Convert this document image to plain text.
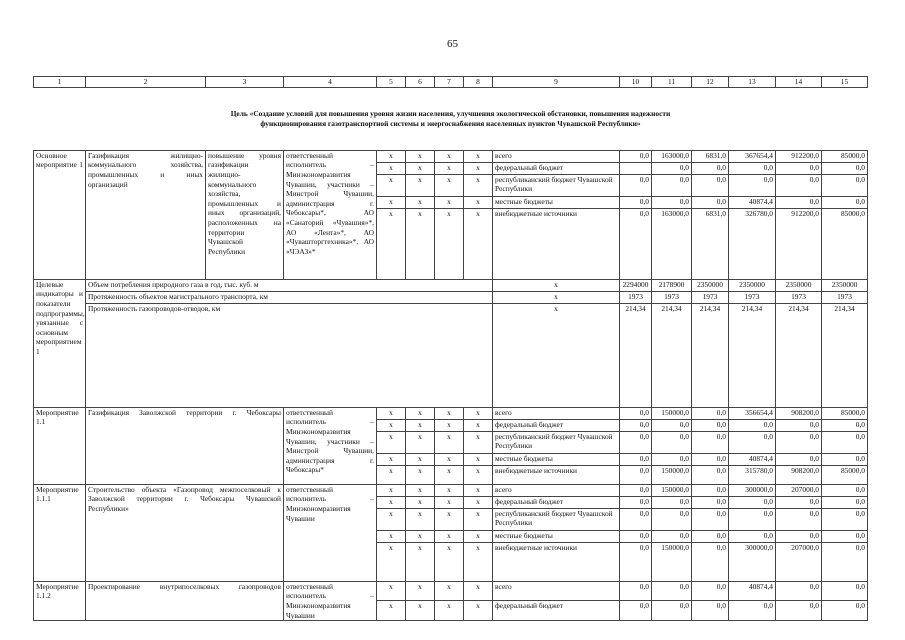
65
1	2	3	4	5	6	7	8	9	10	11	12	13	14	15

Цель «Создание условий для повышения уровня жизни населения, улучшения экологической обстановки, повышения надежности
функционирования газотранспортной системы и энергоснабжения населенных пунктов Чувашской Республики»														

Основное мероприятие 1	Газификация жилищно-коммунального хозяйства, промышленных и иных организаций	повышение уровня газификации жилищно-коммунального хозяйства, промышленных и иных организаций, расположенных на территории Чувашской Республики	ответственный исполнитель – Минэкономразвития Чувашии, участники – Минстрой Чувашии, администрация г. Чебоксары*, АО «Санаторий «Чувашия»*, АО «Лента»*, АО «Чувашторгтехника»*, АО «ЧЭАЗ»*	x	x	x	x	всего	0,0	163000,0	6831,0	367654,4	912200,0	85000,0
				x	x	x	x	федеральный бюджет		0,0	0,0	0,0	0,0	0,0
				x	x	x	x	республиканский бюджет Чувашской Республики	0,0	0,0	0,0	0,0	0,0	0,0
				x	x	x	x	местные бюджеты	0,0	0,0	0,0	40874,4	0,0	0,0
				x	x	x	x	внебюджетные источники	0,0	163000,0	6831,0	326780,0	912200,0	85000,0
Целевые индикаторы и показатели подпрограммы, увязанные с основным мероприятием 1	Объем потребления природного газа в год, тыс. куб. м							x	2294000	2178900	2350000	2350000	2350000	2350000
	Протяженность объектов магистрального транспорта, км							x	1973	1973	1973	1973	1973	1973
	Протяженность газопроводов-отводов, км							x	214,34	214,34	214,34	214,34	214,34	214,34
Мероприятие 1.1	Газификация Заволжской территории г. Чебоксары		ответственный исполнитель – Минэкономразвития Чувашии, участники – Минстрой Чувашии, администрация г. Чебоксары*	x	x	x	x	всего	0,0	150000,0	0,0	356654,4	908200,0	85000,0
				x	x	x	x	федеральный бюджет	0,0	0,0	0,0	0,0	0,0	0,0
				x	x	x	x	республиканский бюджет Чувашской Республики	0,0	0,0	0,0	0,0	0,0	0,0
				x	x	x	x	местные бюджеты	0,0	0,0	0,0	40874,4	0,0	0,0
				x	x	x	x	внебюджетные источники	0,0	150000,0	0,0	315780,0	908200,0	85000,0
Мероприятие 1.1.1	Строительство объекта «Газопровод межпоселковый к Заволжской территории г. Чебоксары Чувашской Республики»		ответственный исполнитель – Минэкономразвития Чувашии	x	x	x	x	всего	0,0	150000,0	0,0	300000,0	207000,0	0,0
				x	x	x	x	федеральный бюджет	0,0	0,0	0,0	0,0	0,0	0,0
				x	x	x	x	республиканский бюджет Чувашской Республики	0,0	0,0	0,0	0,0	0,0	0,0
				x	x	x	x	местные бюджеты	0,0	0,0	0,0	0,0	0,0	0,0
				x	x	x	x	внебюджетные источники	0,0	150000,0	0,0	300000,0	207000,0	0,0
Мероприятие 1.1.2	Проектирование внутрипоселковых газопроводов		ответственный исполнитель – Минэкономразвития Чувашии	x	x	x	x	всего	0,0	0,0	0,0	40874,4	0,0	0,0
				x	x	x	x	федеральный бюджет	0,0	0,0	0,0	0,0	0,0	0,0
